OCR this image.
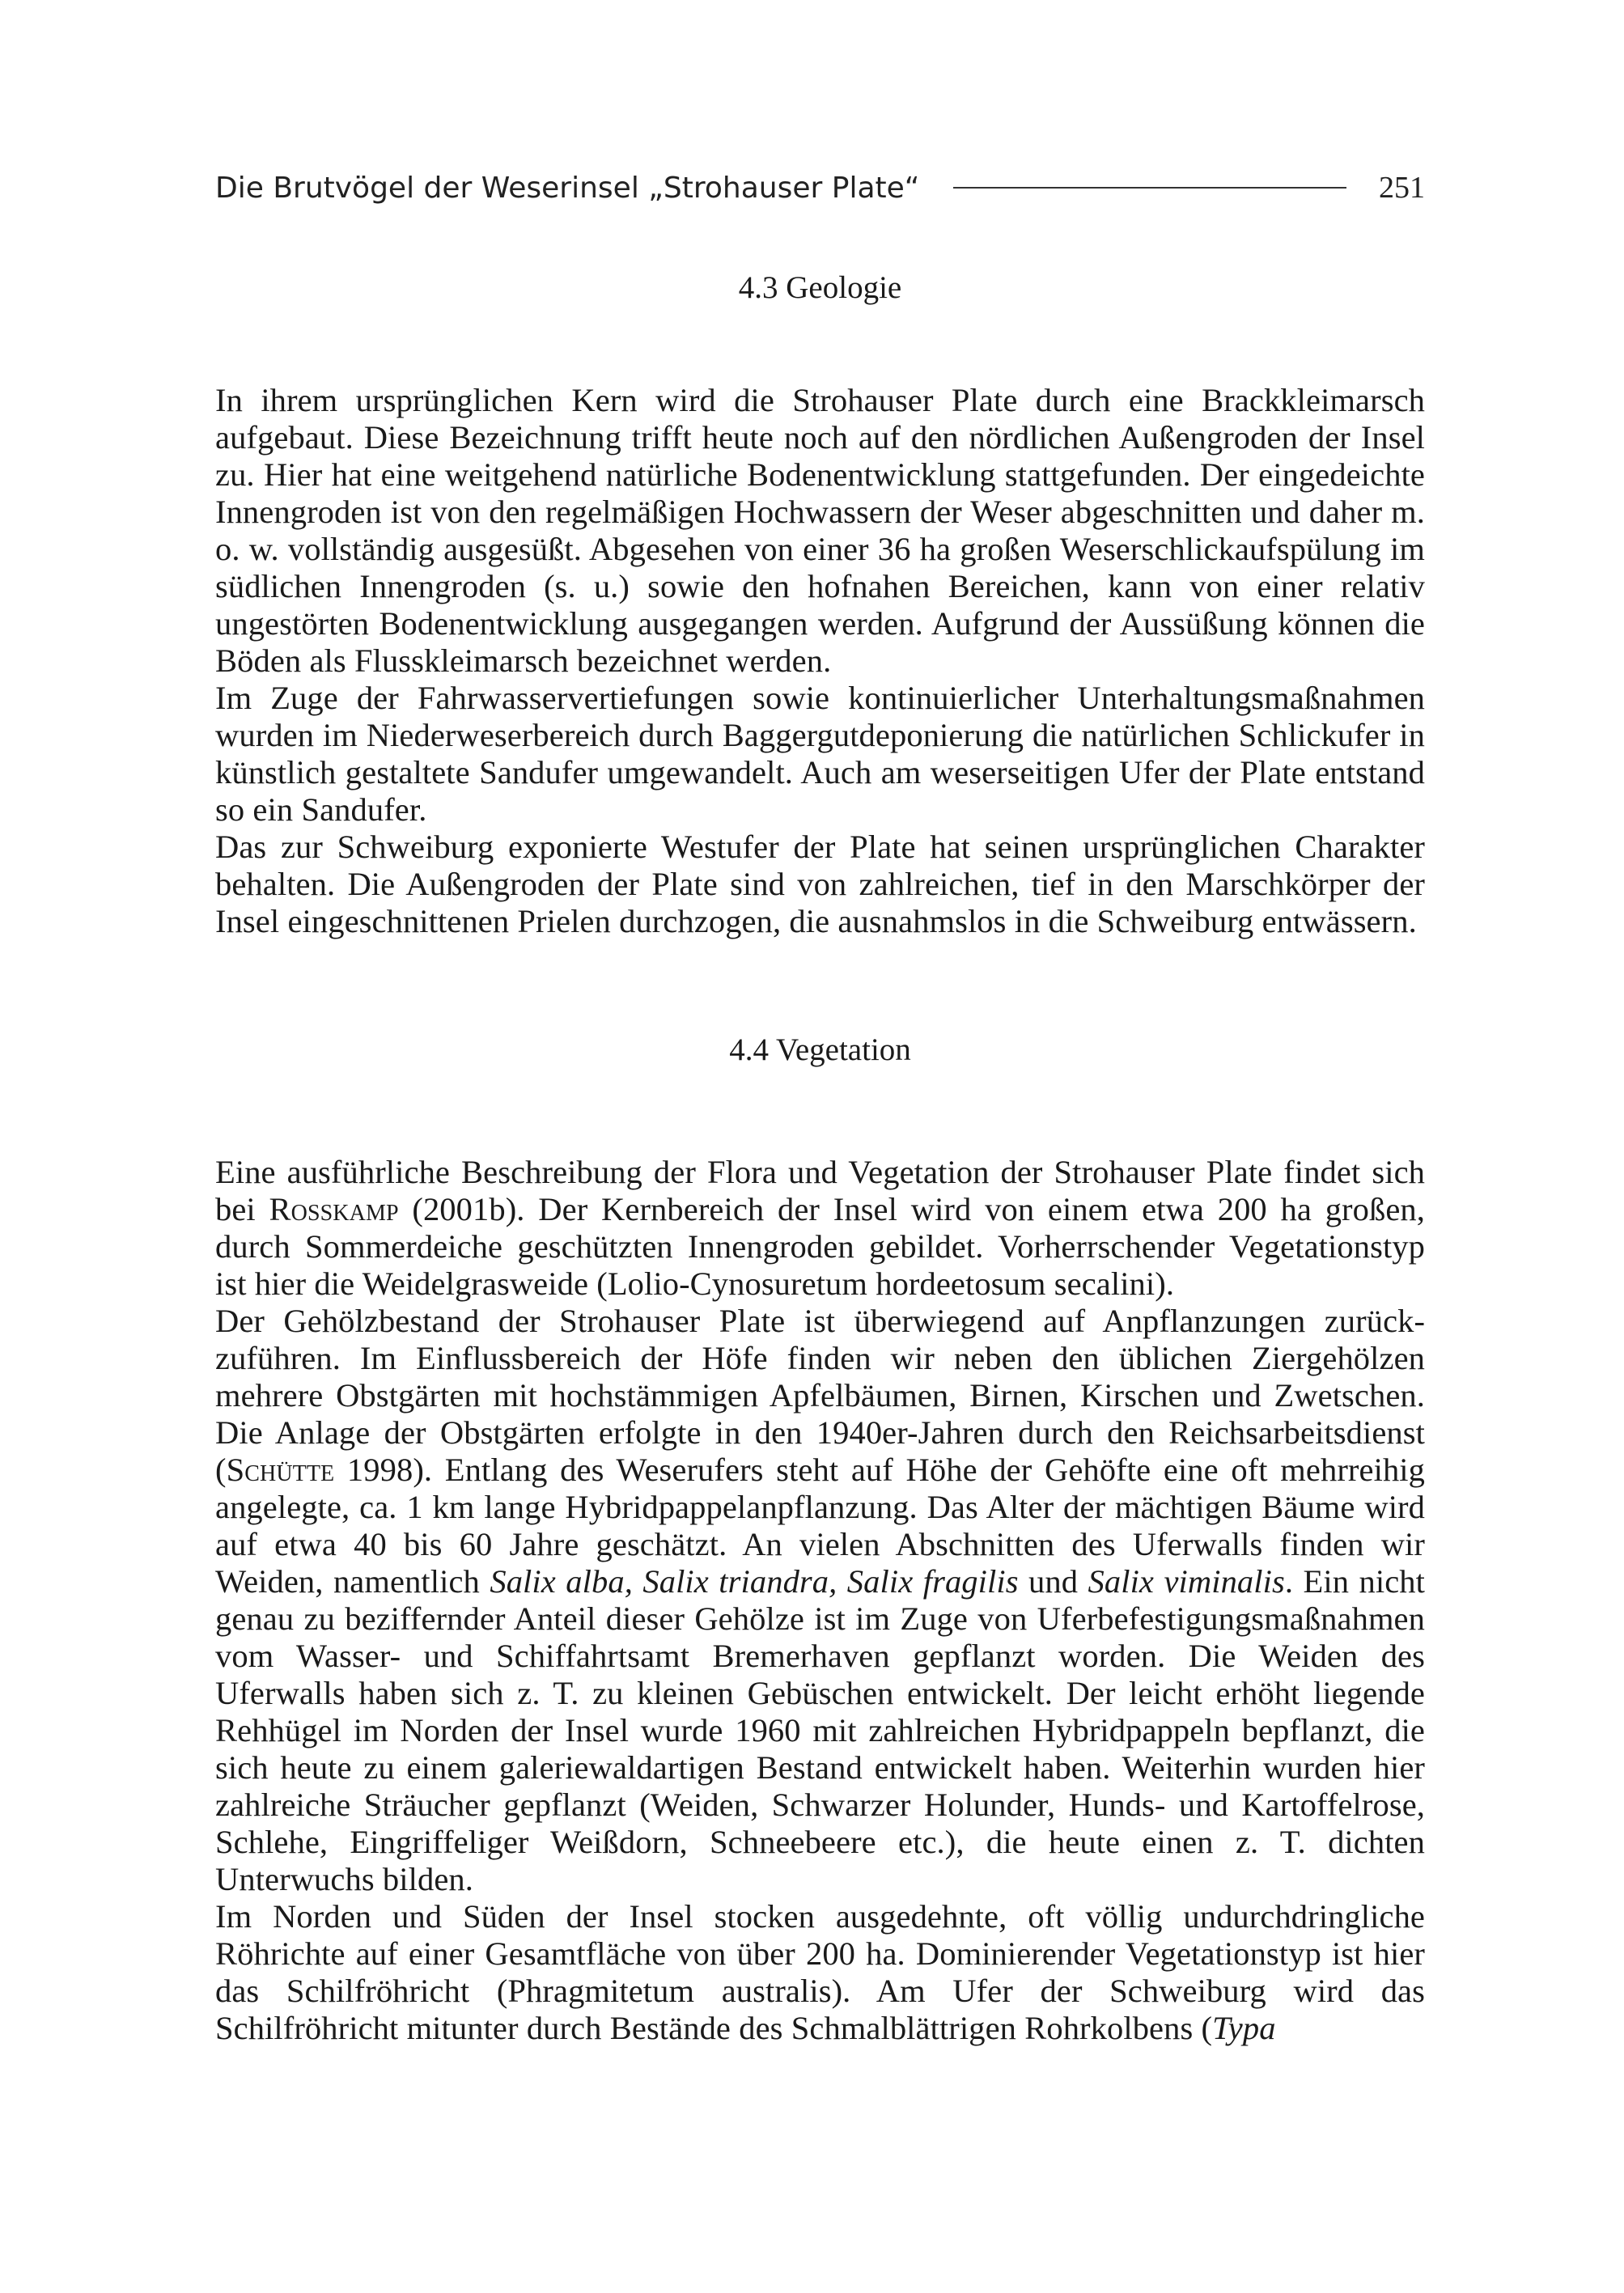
Die Brutvögel der Weserinsel „Strohauser Plate“	251
4.3 Geologie

In ihrem ursprünglichen Kern wird die Strohauser Plate durch eine Brackkleimarsch aufgebaut. Diese Bezeichnung trifft heute noch auf den nördlichen Außengroden der Insel zu. Hier hat eine weitgehend natürliche Bodenentwicklung stattgefunden. Der eingedeichte Innengroden ist von den regelmäßigen Hochwassern der Weser abgeschnitten und daher m. o. w. vollständig ausgesüßt. Abgesehen von einer 36 ha großen Weserschlickaufspülung im südlichen Innengroden (s. u.) sowie den hofnahen Bereichen, kann von einer relativ ungestörten Bodenentwicklung ausgegangen werden. Aufgrund der Aussüßung können die Böden als Flusskleimarsch bezeichnet werden.

Im Zuge der Fahrwasservertiefungen sowie kontinuierlicher Unterhaltungsmaßnahmen wurden im Niederweserbereich durch Baggergutdeponierung die natürlichen Schlickufer in künstlich gestaltete Sandufer umgewandelt. Auch am weserseitigen Ufer der Plate entstand so ein Sandufer.

Das zur Schweiburg exponierte Westufer der Plate hat seinen ursprünglichen Charakter behalten. Die Außengroden der Plate sind von zahlreichen, tief in den Marschkörper der Insel eingeschnittenen Prielen durchzogen, die ausnahmslos in die Schweiburg entwässern.

4.4 Vegetation

Eine ausführliche Beschreibung der Flora und Vegetation der Strohauser Plate findet sich bei Rosskamp (2001b). Der Kernbereich der Insel wird von einem etwa 200 ha großen, durch Sommerdeiche geschützten Innengroden gebildet. Vorherrschender Vegetationstyp ist hier die Weidelgrasweide (Lolio-Cynosuretum hordeetosum secalini).

Der Gehölzbestand der Strohauser Plate ist überwiegend auf Anpflanzungen zurückzuführen. Im Einflussbereich der Höfe finden wir neben den üblichen Ziergehölzen mehrere Obstgärten mit hochstämmigen Apfelbäumen, Birnen, Kirschen und Zwetschen. Die Anlage der Obstgärten erfolgte in den 1940er-Jahren durch den Reichsarbeitsdienst (Schütte 1998). Entlang des Weserufers steht auf Höhe der Gehöfte eine oft mehrreihig angelegte, ca. 1 km lange Hybridpappelanpflanzung. Das Alter der mächtigen Bäume wird auf etwa 40 bis 60 Jahre geschätzt. An vielen Abschnitten des Uferwalls finden wir Weiden, namentlich Salix alba, Salix triandra, Salix fragilis und Salix viminalis. Ein nicht genau zu beziffernder Anteil dieser Gehölze ist im Zuge von Uferbefestigungsmaßnahmen vom Wasser- und Schiffahrtsamt Bremerhaven gepflanzt worden. Die Weiden des Uferwalls haben sich z. T. zu kleinen Gebüschen entwickelt. Der leicht erhöht liegende Rehhügel im Norden der Insel wurde 1960 mit zahlreichen Hybridpappeln bepflanzt, die sich heute zu einem galeriewaldartigen Bestand entwickelt haben. Weiterhin wurden hier zahlreiche Sträucher gepflanzt (Weiden, Schwarzer Holunder, Hunds- und Kartoffelrose, Schlehe, Eingriffeliger Weißdorn, Schneebeere etc.), die heute einen z. T. dichten Unterwuchs bilden.

Im Norden und Süden der Insel stocken ausgedehnte, oft völlig undurchdringliche Röhrichte auf einer Gesamtfläche von über 200 ha. Dominierender Vegetationstyp ist hier das Schilfröhricht (Phragmitetum australis). Am Ufer der Schweiburg wird das Schilfröhricht mitunter durch Bestände des Schmalblättrigen Rohrkolbens (Typa
